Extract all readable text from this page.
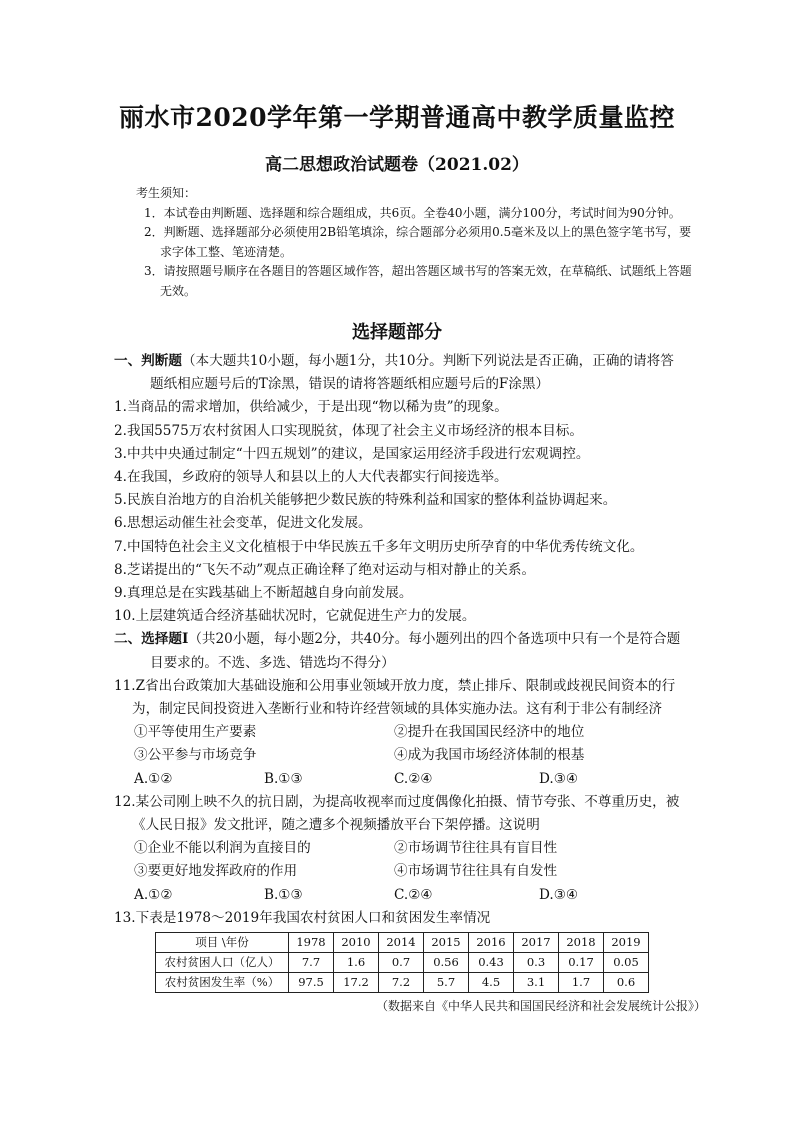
丽水市2020学年第一学期普通高中教学质量监控
高二思想政治试题卷（2021.02）

考生须知：

1．本试卷由判断题、选择题和综合题组成，共6页。全卷40小题，满分100分，考试时间为90分钟。

2．判断题、选择题部分必须使用2B铅笔填涂，综合题部分必须用0.5毫米及以上的黑色签字笔书写，要求字体工整、笔迹清楚。

3．请按照题号顺序在各题目的答题区域作答，超出答题区域书写的答案无效，在草稿纸、试题纸上答题无效。

选择题部分

一、判断题（本大题共10小题，每小题1分，共10分。判断下列说法是否正确，正确的请将答题纸相应题号后的T涂黑，错误的请将答题纸相应题号后的F涂黑）

1.当商品的需求增加，供给减少，于是出现“物以稀为贵”的现象。

2.我国5575万农村贫困人口实现脱贫，体现了社会主义市场经济的根本目标。

3.中共中央通过制定“十四五规划”的建议，是国家运用经济手段进行宏观调控。

4.在我国，乡政府的领导人和县以上的人大代表都实行间接选举。

5.民族自治地方的自治机关能够把少数民族的特殊利益和国家的整体利益协调起来。

6.思想运动催生社会变革，促进文化发展。

7.中国特色社会主义文化植根于中华民族五千多年文明历史所孕育的中华优秀传统文化。

8.芝诺提出的“飞矢不动”观点正确诠释了绝对运动与相对静止的关系。

9.真理总是在实践基础上不断超越自身向前发展。

10.上层建筑适合经济基础状况时，它就促进生产力的发展。

二、选择题Ⅰ（共20小题，每小题2分，共40分。每小题列出的四个备选项中只有一个是符合题目要求的。不选、多选、错选均不得分）

11.Z省出台政策加大基础设施和公用事业领域开放力度，禁止排斥、限制或歧视民间资本的行为，制定民间投资进入垄断行业和特许经营领域的具体实施办法。这有利于非公有制经济

①平等使用生产要素	②提升在我国国民经济中的地位
③公平参与市场竞争	④成为我国市场经济体制的根基
A.①②	B.①③	C.②④	D.③④

12.某公司刚上映不久的抗日剧，为提高收视率而过度偶像化拍摄、情节夸张、不尊重历史，被《人民日报》发文批评，随之遭多个视频播放平台下架停播。这说明

①企业不能以利润为直接目的	②市场调节往往具有盲目性
③要更好地发挥政府的作用	④市场调节往往具有自发性
A.①②	B.①③	C.②④	D.③④

13.下表是1978～2019年我国农村贫困人口和贫困发生率情况

项目 \年份	1978	2010	2014	2015	2016	2017	2018	2019
农村贫困人口（亿人）	7.7	1.6	0.7	0.56	0.43	0.3	0.17	0.05
农村贫困发生率（%）	97.5	17.2	7.2	5.7	4.5	3.1	1.7	0.6
（数据来自《中华人民共和国国民经济和社会发展统计公报》）
